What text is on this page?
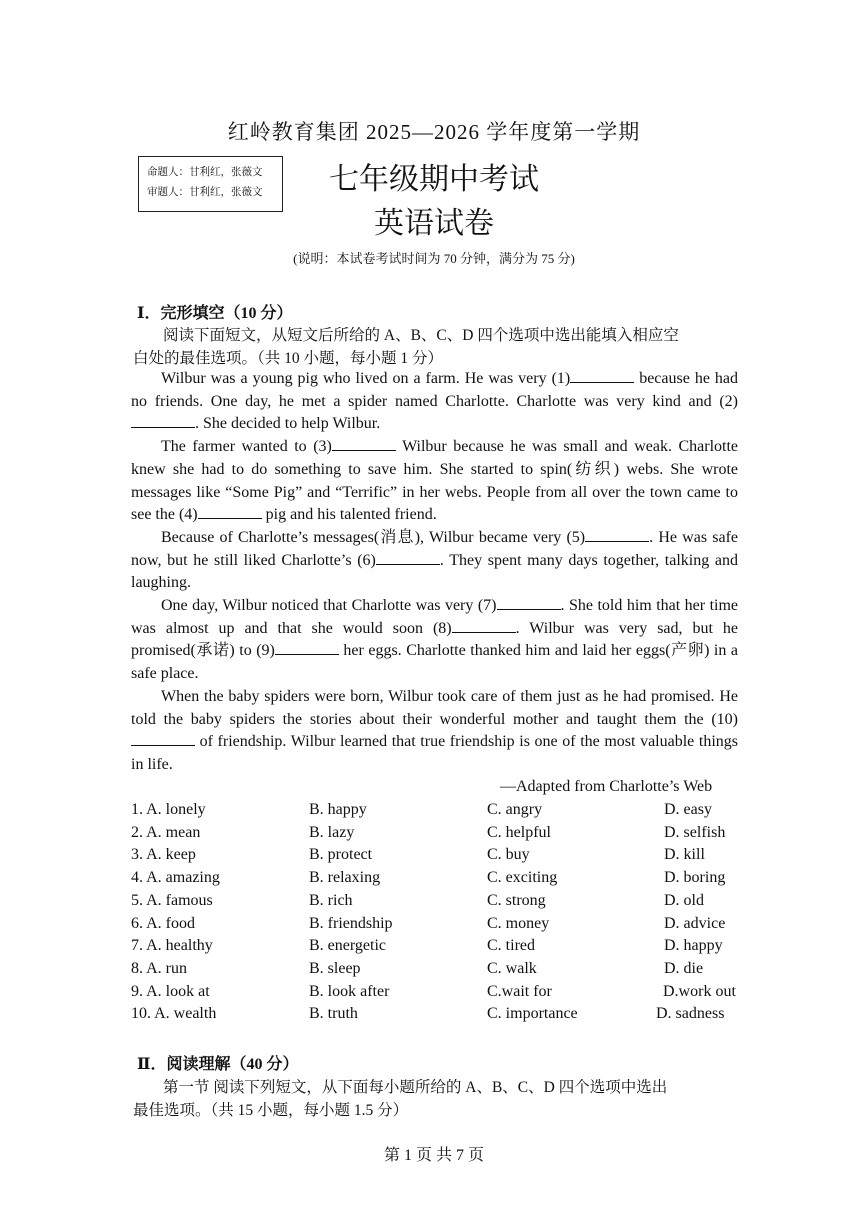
红岭教育集团 2025—2026 学年度第一学期
命题人：甘利红，张薇文
审题人：甘利红，张薇文	七年级期中考试
英语试卷
(说明：本试卷考试时间为 70 分钟，满分为 75 分)
Ⅰ．完形填空（10 分）
阅读下面短文，从短文后所给的 A、B、C、D 四个选项中选出能填入相应空
白处的最佳选项。（共 10 小题，每小题 1 分）

Wilbur was a young pig who lived on a farm. He was very (1)	because he had no friends. One day, he met a spider named Charlotte. Charlotte was very kind and (2). She decided to help Wilbur.

The farmer wanted to (3)	Wilbur because he was small and weak. Charlotte knew she had to do something to save him. She started to spin(纺织) webs. She wrote messages like “Some Pig” and “Terrific” in her webs. People from all over the town came to see the (4)	pig and his talented friend.

Because of Charlotte’s messages(消息), Wilbur became very (5)	. He was safe now, but he still liked Charlotte’s (6)	. They spent many days together, talking and laughing.

One day, Wilbur noticed that Charlotte was very (7)	. She told him that her time was almost up and that she would soon (8)	. Wilbur was very sad, but he promised(承诺) to (9)	her eggs. Charlotte thanked him and laid her eggs(产卵) in a safe place.

When the baby spiders were born, Wilbur took care of them just as he had promised. He told the baby spiders the stories about their wonderful mother and taught them the (10) of friendship. Wilbur learned that true friendship is one of the most valuable things in life.

—Adapted from Charlotte’s Web
1. A. lonely	B. happy	C. angry	D. easy
2. A. mean	B. lazy	C. helpful	D. selfish
3. A. keep	B. protect	C. buy	D. kill
4. A. amazing	B. relaxing	C. exciting	D. boring
5. A. famous	B. rich	C. strong	D. old
6. A. food	B. friendship	C. money	D. advice
7. A. healthy	B. energetic	C. tired	D. happy
8. A. run	B. sleep	C. walk	D. die
9. A. look at	B. look after	C.wait for	D.work out
10. A. wealth	B. truth	C. importance	D. sadness
Ⅱ．阅读理解（40 分）
第一节 阅读下列短文，从下面每小题所给的 A、B、C、D 四个选项中选出
最佳选项。（共 15 小题，每小题 1.5 分）
第 1 页 共 7 页
